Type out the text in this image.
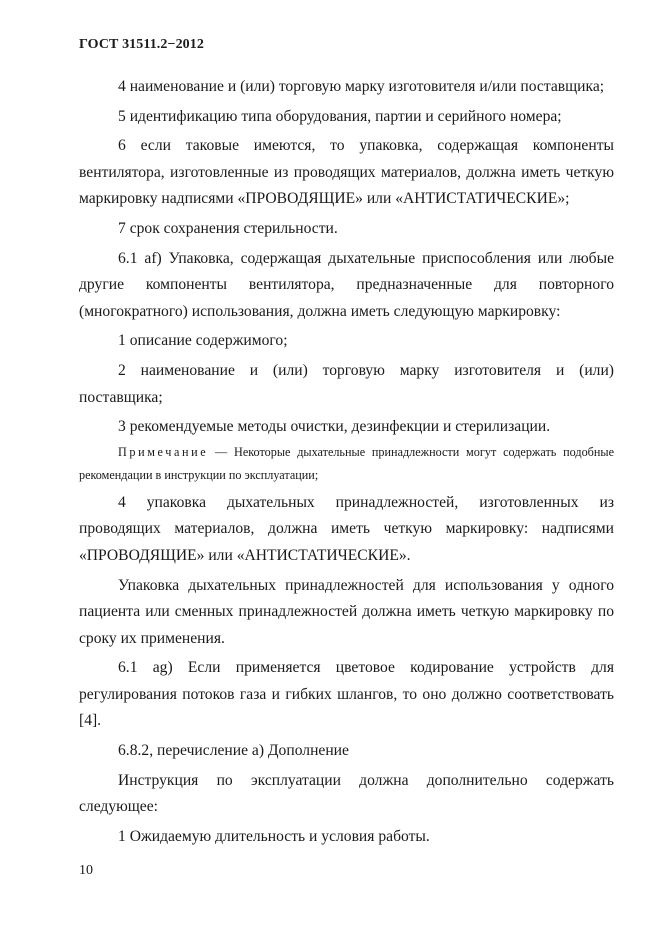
ГОСТ 31511.2−2012

4 наименование и (или) торговую марку изготовителя и/или поставщика;

5 идентификацию типа оборудования, партии и серийного номера;

6 если таковые имеются, то упаковка, содержащая компоненты вентилятора, изготовленные из проводящих материалов, должна иметь четкую маркировку надписями «ПРОВОДЯЩИЕ» или «АНТИСТАТИЧЕСКИЕ»;

7 срок сохранения стерильности.

6.1 af) Упаковка, содержащая дыхательные приспособления или любые другие компоненты вентилятора, предназначенные для повторного (многократного) использования, должна иметь следующую маркировку:

1 описание содержимого;

2 наименование и (или) торговую марку изготовителя и (или) поставщика;

3 рекомендуемые методы очистки, дезинфекции и стерилизации.

Примечание — Некоторые дыхательные принадлежности могут содержать подобные рекомендации в инструкции по эксплуатации;

4 упаковка дыхательных принадлежностей, изготовленных из проводящих материалов, должна иметь четкую маркировку: надписями «ПРОВОДЯЩИЕ» или «АНТИСТАТИЧЕСКИЕ».

Упаковка дыхательных принадлежностей для использования у одного пациента или сменных принадлежностей должна иметь четкую маркировку по сроку их применения.

6.1 ag) Если применяется цветовое кодирование устройств для регулирования потоков газа и гибких шлангов, то оно должно соответствовать [4].

6.8.2, перечисление a) Дополнение

Инструкция по эксплуатации должна дополнительно содержать следующее:

1 Ожидаемую длительность и условия работы.

10
